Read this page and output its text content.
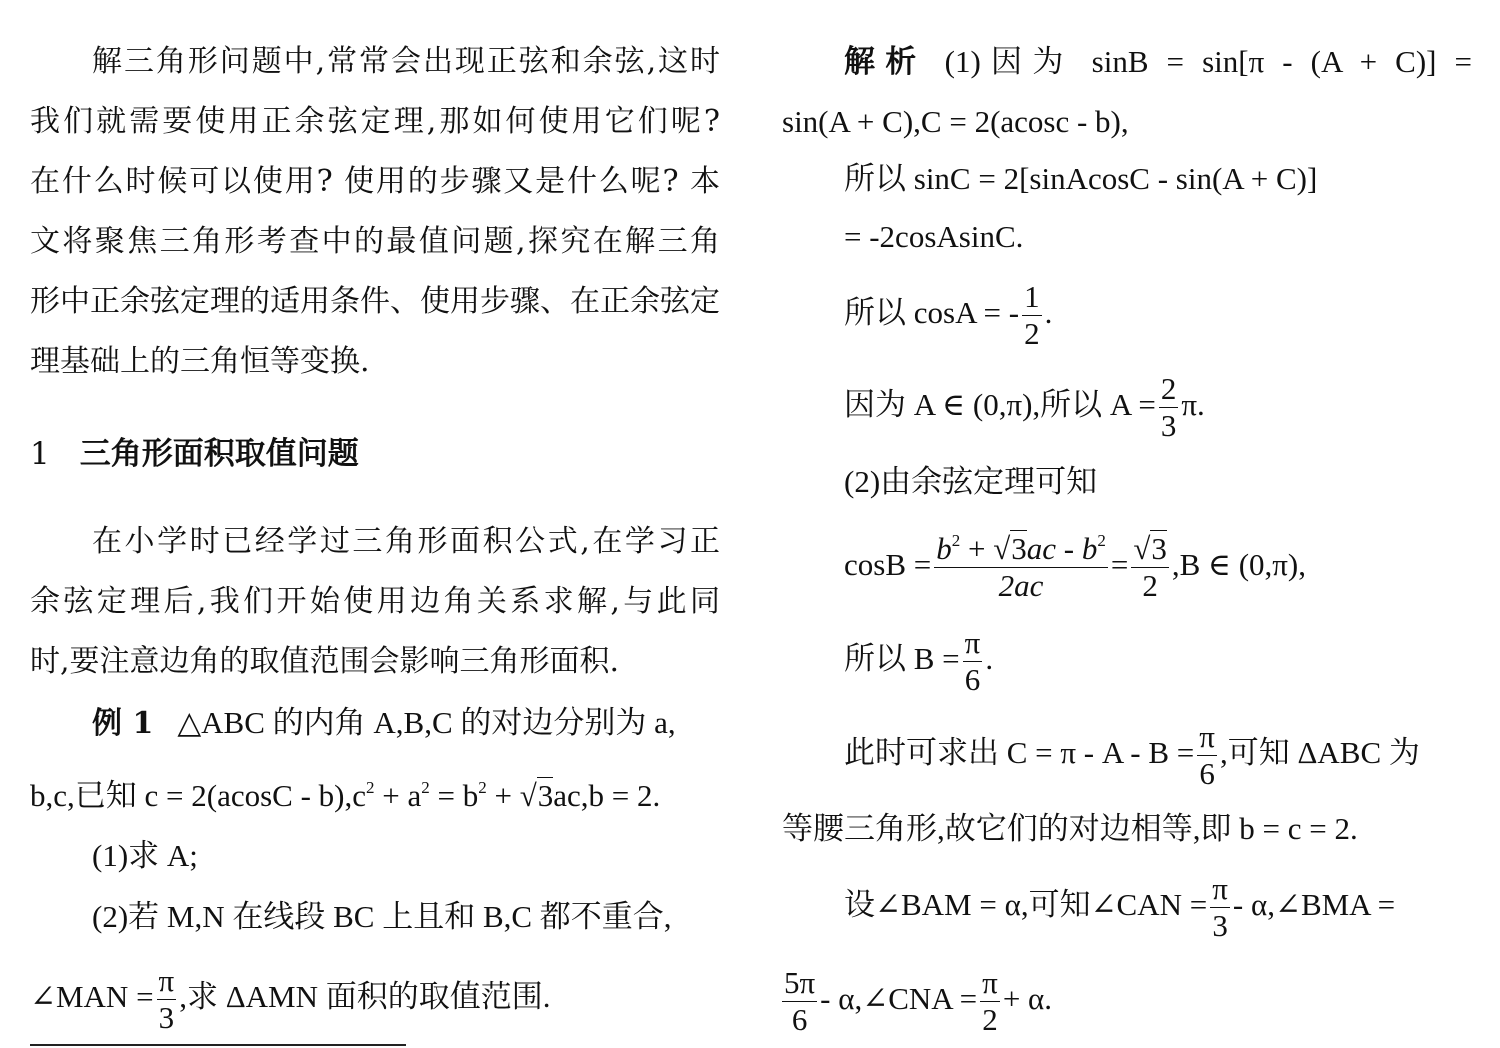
解三角形问题中,常常会出现正弦和余弦,这时
我们就需要使用正余弦定理,那如何使用它们呢?
在什么时候可以使用? 使用的步骤又是什么呢? 本
文将聚焦三角形考查中的最值问题,探究在解三角
形中正余弦定理的适用条件、使用步骤、在正余弦定
理基础上的三角恒等变换.
1 三角形面积取值问题
在小学时已经学过三角形面积公式,在学习正
余弦定理后,我们开始使用边角关系求解,与此同
时,要注意边角的取值范围会影响三角形面积.
例 1 △ABC 的内角 A,B,C 的对边分别为 a,
b,c,已知 $c = 2(acosC - b),c^2 + a^2 = b^2 + √3ac,b = 2$.
(1)求 A;
(2)若 M,N 在线段 BC 上且和 B,C 都不重合,
∠MAN = $\frac{\pi}{3}$ ,求 ΔAMN 面积的取值范围.
解析 (1)因为 sinB = sin[π - (A + C)] =
sin(A + C),C = 2(acosc - b),
所以 sinC = 2[sinAcosC - sin(A + C)]
= -2cosAsinC.
所以 cosA = - $\frac{1}{2}$ .
因为 A ∈ (0,π),所以 $A = \frac{2}{3} \pi$.
(2)由余弦定理可知
$\cos B = \frac{b^2 + √3ac - b^2}{2ac} = \frac{√3}{2} ,B$ ∈ (0,π),
所以 $B = \frac{\pi}{6}$ .
此时可求出 $C = \pi - A - B = \frac{\pi}{6}$ ,可知 ΔABC 为
等腰三角形,故它们的对边相等,即 b = c = 2.
设∠BAM = α,可知∠CAN = $\frac{\pi}{3}$ - α,∠BMA =
$\frac{5\pi}{6}$ - α,∠CNA = $\frac{\pi}{2} + \alpha$.
